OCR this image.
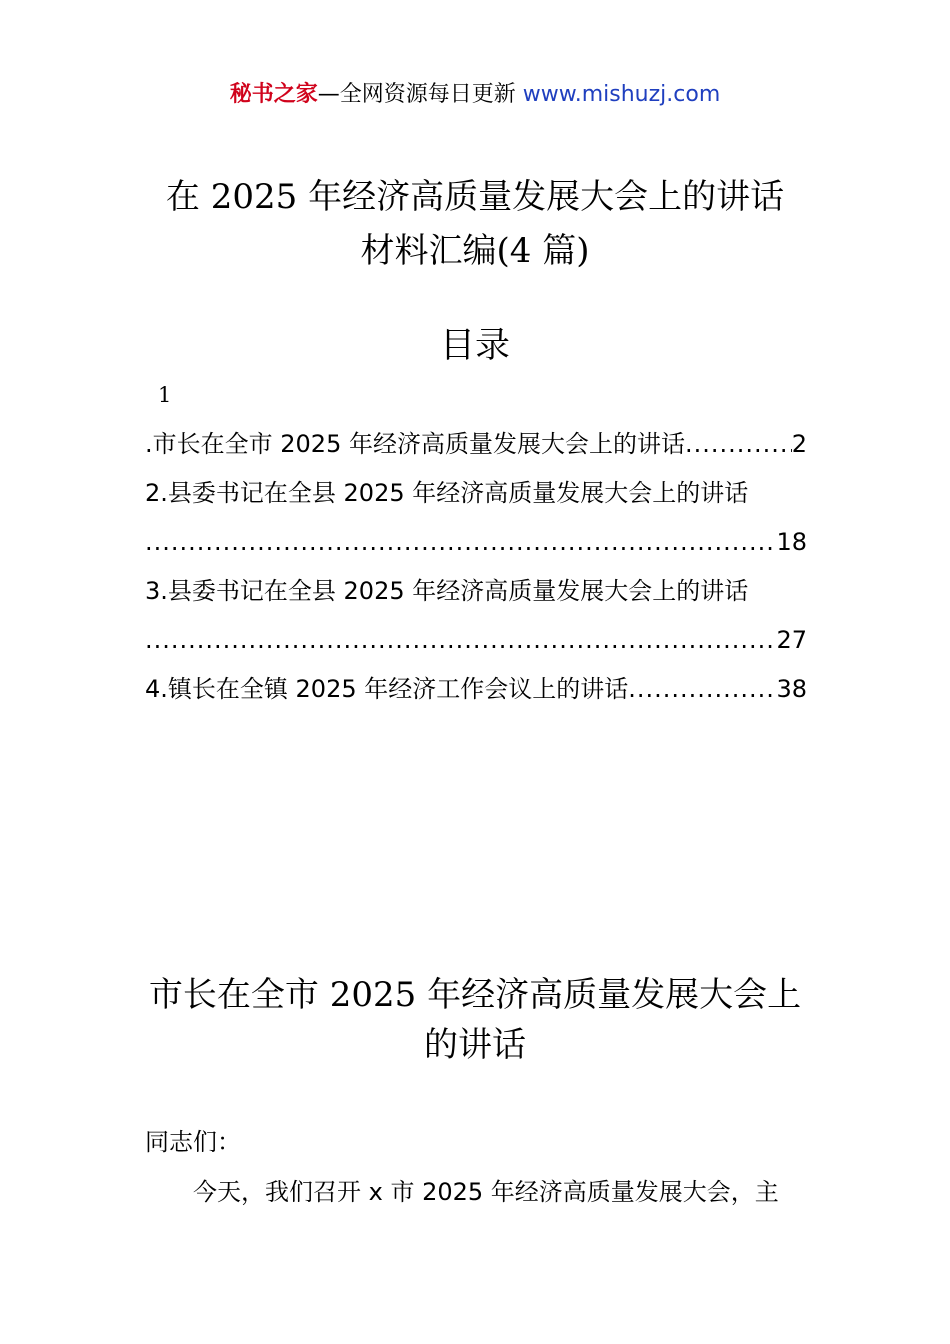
秘书之家—全网资源每日更新 www.mishuzj.com
在 2025 年经济高质量发展大会上的讲话
材料汇编(4 篇)
目录
1
.市长在全市 2025 年经济高质量发展大会上的讲话 .....	2
2.县委书记在全县 2025 年经济高质量发展大会上的讲话
.....
18
3.县委书记在全县 2025 年经济高质量发展大会上的讲话
.....
27
4.镇长在全镇 2025 年经济工作会议上的讲话 .....	38
市长在全市 2025 年经济高质量发展大会上
的讲话
同志们：
今天，我们召开 x 市 2025 年经济高质量发展大会，主
